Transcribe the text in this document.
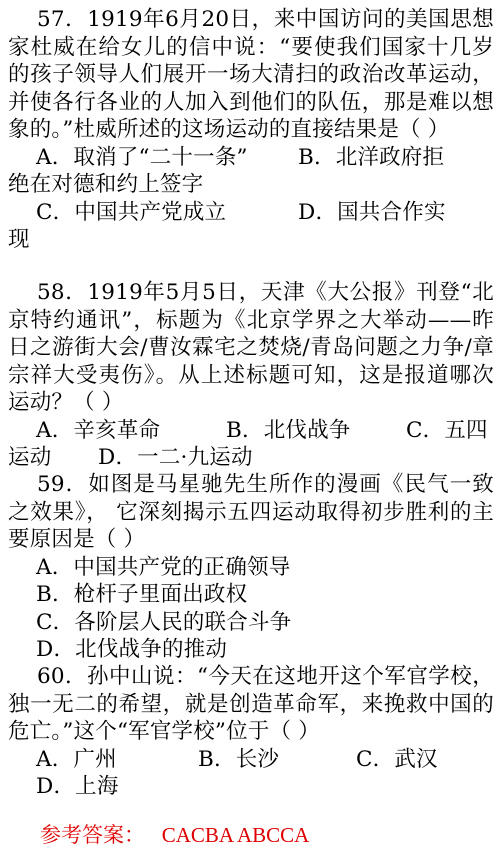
57．1919年6月20日，来中国访问的美国思想家杜威在给女儿的信中说：“要使我们国家十几岁的孩子领导人们展开一场大清扫的政治改革运动，并使各行各业的人加入到他们的队伍，那是难以想象的。”杜威所述的这场运动的直接结果是（ ）
A．取消了“二十一条”	B．北洋政府拒
绝在对德和约上签字
C．中国共产党成立	D．国共合作实
现
58．1919年5月5日，天津《大公报》刊登“北京特约通讯”，标题为《北京学界之大举动——昨日之游街大会/曹汝霖宅之焚烧/青岛问题之力争/章宗祥大受夷伤》。从上述标题可知，这是报道哪次运动？（ ）
A．辛亥革命	B．北伐战争	C．五四
运动 D．一二·九运动
59．如图是马星驰先生所作的漫画《民气一致之效果》， 它深刻揭示五四运动取得初步胜利的主要原因是（ ）
A．中国共产党的正确领导
B．枪杆子里面出政权
C．各阶层人民的联合斗争
D．北伐战争的推动
60．孙中山说：“今天在这地开这个军官学校，独一无二的希望，就是创造革命军，来挽救中国的危亡。”这个“军官学校”位于（ ）
A．广州	B．长沙	C．武汉
D．上海
参考答案： CACBA ABCCA
